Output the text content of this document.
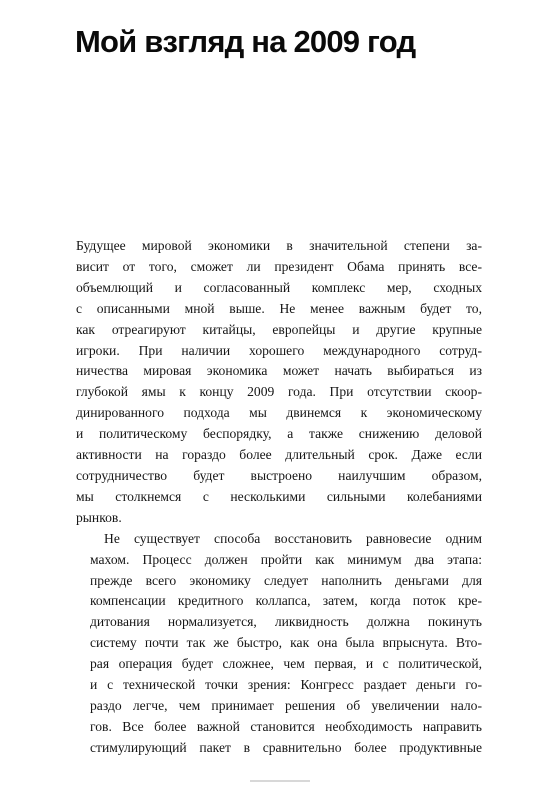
Мой взгляд на 2009 год
Будущее мировой экономики в значительной степени за-
висит от того, сможет ли президент Обама принять все-
объемлющий и согласованный комплекс мер, сходных
с описанными мной выше. Не менее важным будет то,
как отреагируют китайцы, европейцы и другие крупные
игроки. При наличии хорошего международного сотруд-
ничества мировая экономика может начать выбираться из
глубокой ямы к концу 2009 года. При отсутствии скоор-
динированного подхода мы двинемся к экономическому
и политическому беспорядку, а также снижению деловой
активности на гораздо более длительный срок. Даже если
сотрудничество будет выстроено наилучшим образом,
мы столкнемся с несколькими сильными колебаниями
рынков.
Не существует способа восстановить равновесие одним
махом. Процесс должен пройти как минимум два этапа:
прежде всего экономику следует наполнить деньгами для
компенсации кредитного коллапса, затем, когда поток кре-
дитования нормализуется, ликвидность должна покинуть
систему почти так же быстро, как она была впрыснута. Вто-
рая операция будет сложнее, чем первая, и с политической,
и с технической точки зрения: Конгресс раздает деньги го-
раздо легче, чем принимает решения об увеличении нало-
гов. Все более важной становится необходимость направить
стимулирующий пакет в сравнительно более продуктивные
